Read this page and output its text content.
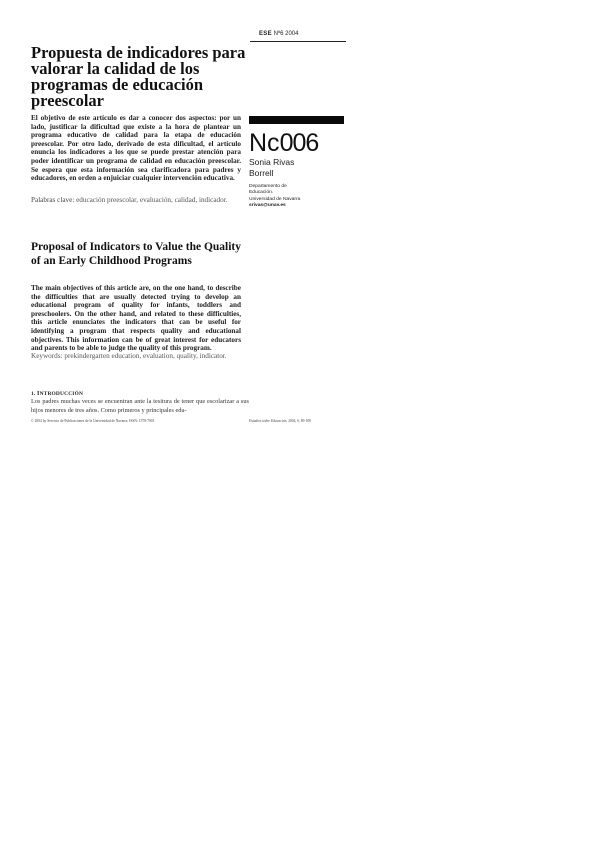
ESE Nº6 2004
Propuesta de indicadores para valorar la calidad de los programas de educación preescolar
El objetivo de este artículo es dar a conocer dos aspectos: por un lado, justificar la dificultad que existe a la hora de plantear un programa educativo de calidad para la etapa de educación preescolar. Por otro lado, derivado de esta dificultad, el artículo enuncia los indicadores a los que se puede prestar atención para poder identificar un programa de calidad en educación preescolar. Se espera que esta información sea clarificadora para padres y educadores, en orden a enjuiciar cualquier intervención educativa.
Palabras clave: educación preescolar, evaluación, calidad, indicador.
Nc006
Sonia Rivas
Borrell
Departamento de
Educación.
Universidad de Navarra
srivas@unav.es
Proposal of Indicators to Value the Quality of an Early Childhood Programs
The main objectives of this article are, on the one hand, to describe the difficulties that are usually detected trying to develop an educational program of quality for infants, toddlers and preschoolers. On the other hand, and related to these difficulties, this article enunciates the indicators that can be useful for identifying a program that respects quality and educational objectives. This information can be of great interest for educators and parents to be able to judge the quality of this program.
Keywords: prekindergarten education, evaluation, quality, indicator.
1. INTRODUCCIÓN
Los padres muchas veces se encuentran ante la tesitura de tener que escolarizar a sus hijos menores de tres años. Como primeros y principales edu-
© 2004 by Servicio de Publicaciones de la Universidad de Navarra. ISSN: 1578-7001	Estudios sobre Educación, 2004, 6, 89-108
